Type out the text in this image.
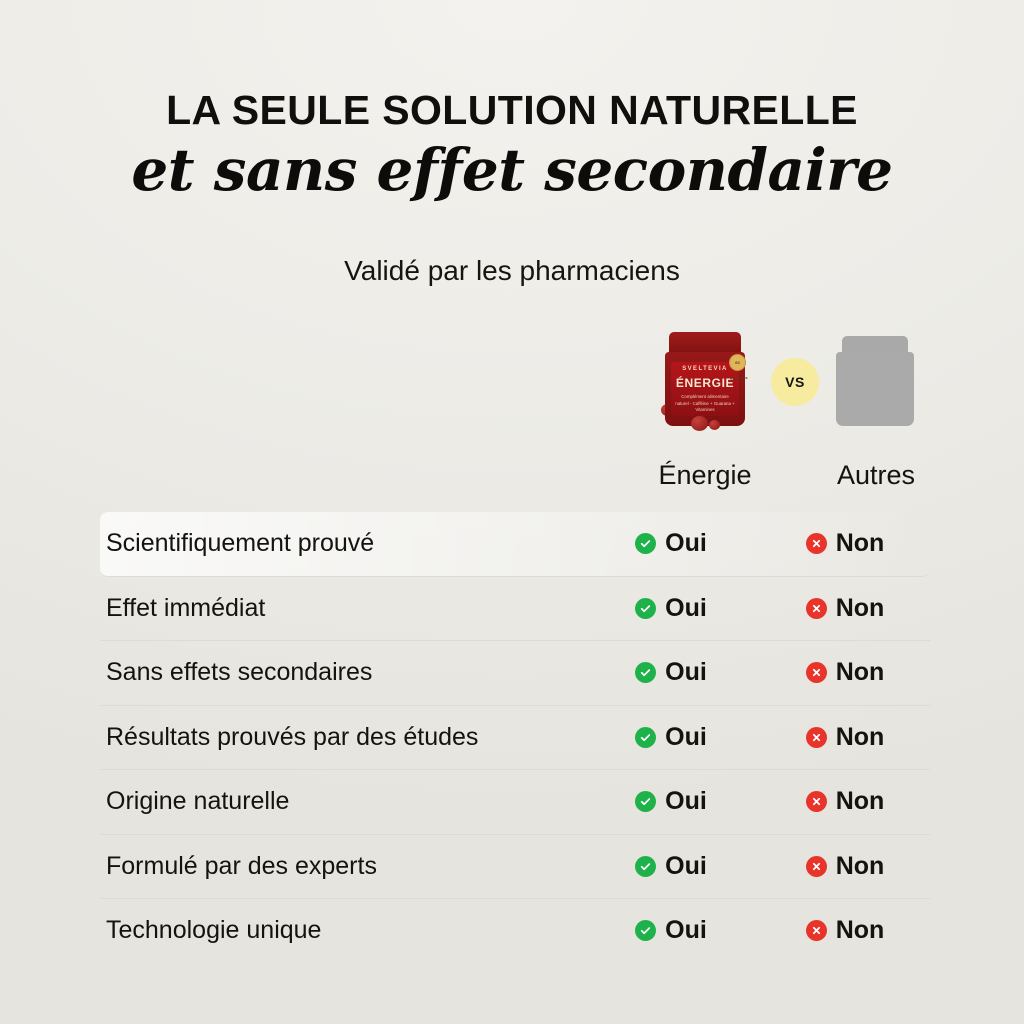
LA SEULE SOLUTION NATURELLE
et sans effet secondaire

Validé par les pharmaciens

SVELTEVIA
ÉNERGIE
Complément alimentaire naturel - Cafféine + Guarana + Vitamines
60 gummies	VS
Énergie	Autres
Scientifiquement prouvé	Oui	Non
Effet immédiat	Oui	Non
Sans effets secondaires	Oui	Non
Résultats prouvés par des études	Oui	Non
Origine naturelle	Oui	Non
Formulé par des experts	Oui	Non
Technologie unique	Oui	Non
